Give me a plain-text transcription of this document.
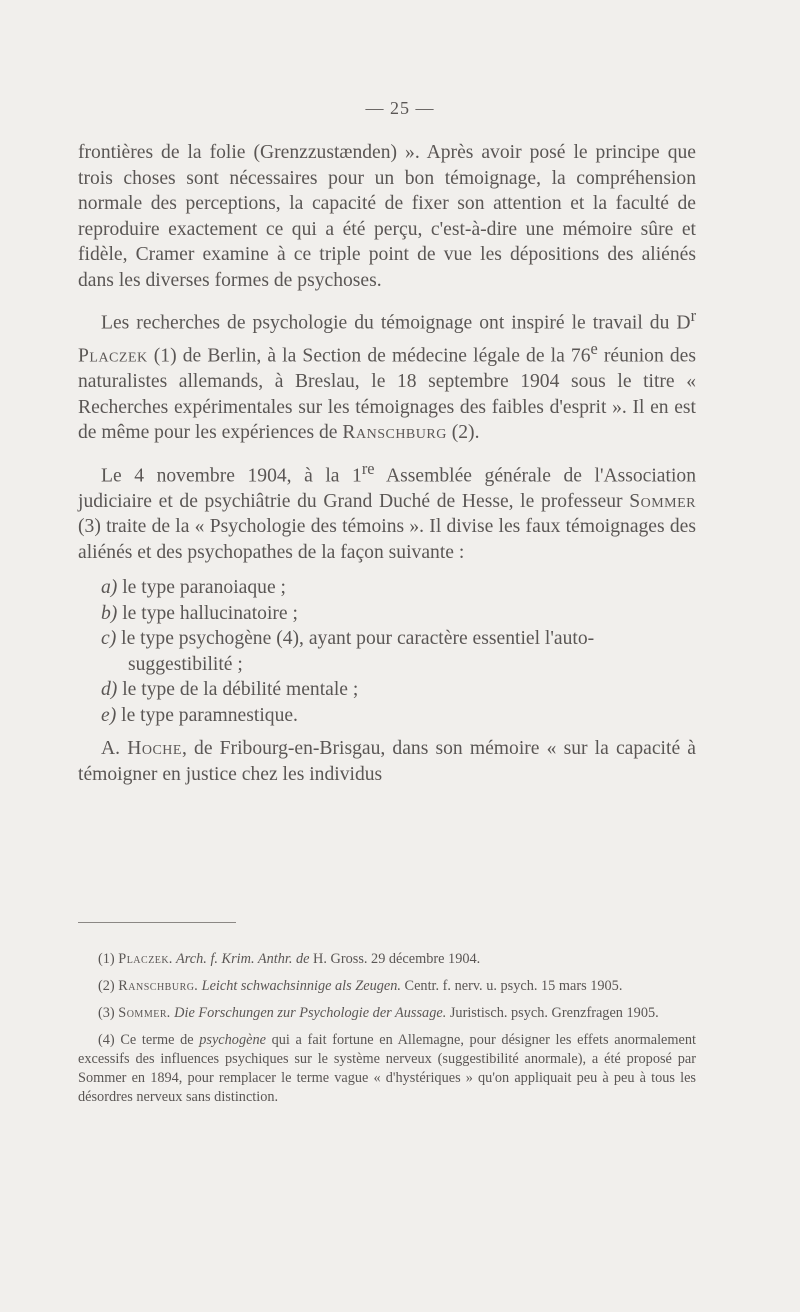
— 25 —

frontières de la folie (Grenzzustænden) ». Après avoir posé le principe que trois choses sont nécessaires pour un bon témoignage, la compréhension normale des perceptions, la capacité de fixer son attention et la faculté de reproduire exactement ce qui a été perçu, c'est-à-dire une mémoire sûre et fidèle, Cramer examine à ce triple point de vue les dépositions des aliénés dans les diverses formes de psychoses.

Les recherches de psychologie du témoignage ont inspiré le travail du $D^r$ Placzek (1) de Berlin, à la Section de médecine légale de la 76e réunion des naturalistes allemands, à Breslau, le 18 septembre 1904 sous le titre « Recherches expérimentales sur les témoignages des faibles d'esprit ». Il en est de même pour les expériences de Ranschburg (2).

Le 4 novembre 1904, à la 1re Assemblée générale de l'Association judiciaire et de psychiâtrie du Grand Duché de Hesse, le professeur Sommer (3) traite de la « Psychologie des témoins ». Il divise les faux témoignages des aliénés et des psychopathes de la façon suivante :

a) le type paranoiaque ;
b) le type hallucinatoire ;
c) le type psychogène (4), ayant pour caractère essentiel l'auto-suggestibilité ;
d) le type de la débilité mentale ;
e) le type paramnestique.

A. Hoche, de Fribourg-en-Brisgau, dans son mémoire « sur la capacité à témoigner en justice chez les individus

(1) Placzek. Arch. f. Krim. Anthr. de H. Gross. 29 décembre 1904.

(2) Ranschburg. Leicht schwachsinnige als Zeugen. Centr. f. nerv. u. psych. 15 mars 1905.

(3) Sommer. Die Forschungen zur Psychologie der Aussage. Juristisch. psych. Grenzfragen 1905.

(4) Ce terme de psychogène qui a fait fortune en Allemagne, pour désigner les effets anormalement excessifs des influences psychiques sur le système nerveux (suggestibilité anormale), a été proposé par Sommer en 1894, pour remplacer le terme vague « d'hystériques » qu'on appliquait peu à peu à tous les désordres nerveux sans distinction.
